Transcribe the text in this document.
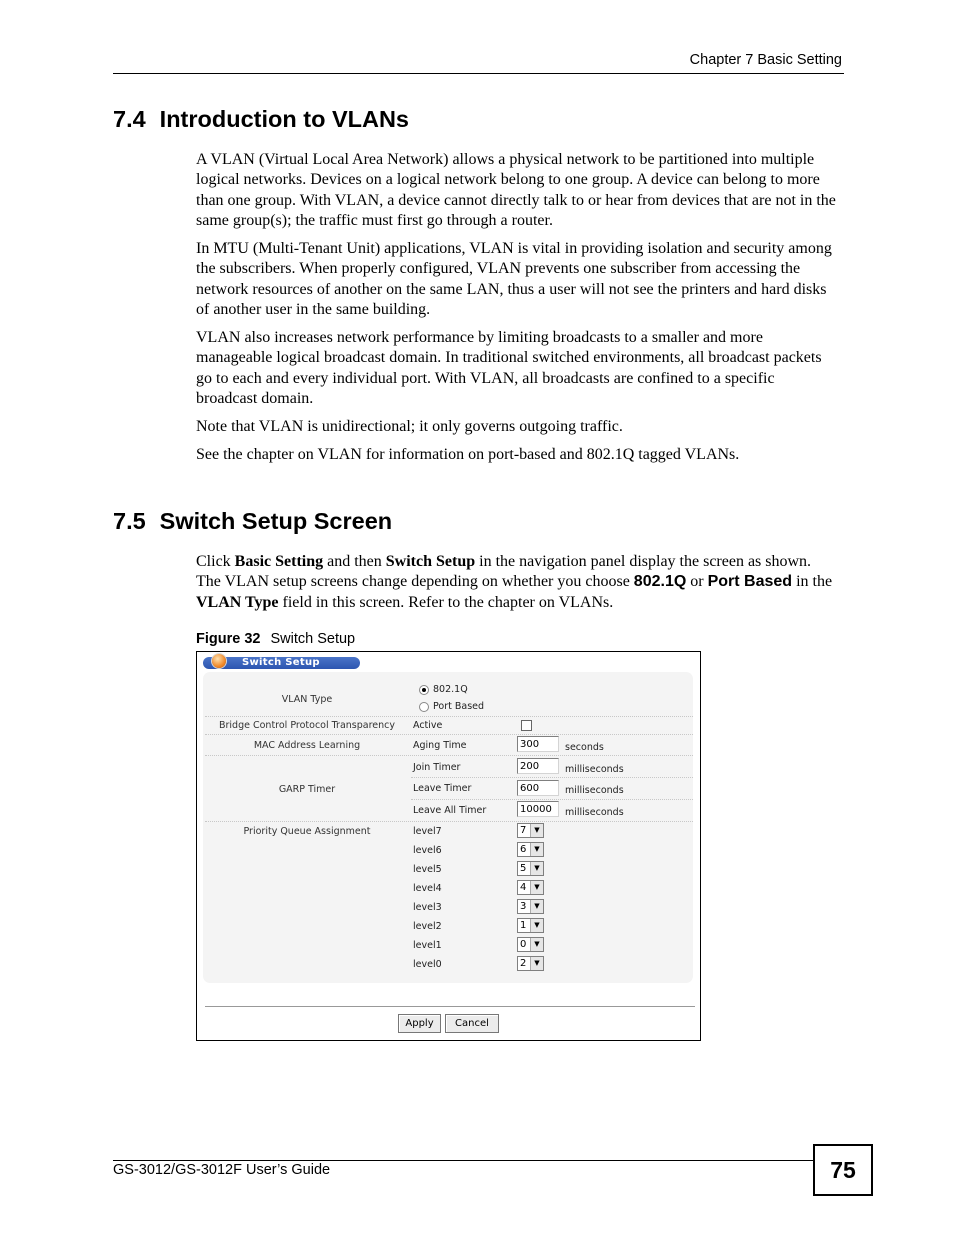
Chapter 7 Basic Setting
7.4 Introduction to VLANs

A VLAN (Virtual Local Area Network) allows a physical network to be partitioned into multiple logical networks. Devices on a logical network belong to one group. A device can belong to more than one group. With VLAN, a device cannot directly talk to or hear from devices that are not in the same group(s); the traffic must first go through a router.

In MTU (Multi-Tenant Unit) applications, VLAN is vital in providing isolation and security among the subscribers. When properly configured, VLAN prevents one subscriber from accessing the network resources of another on the same LAN, thus a user will not see the printers and hard disks of another user in the same building.

VLAN also increases network performance by limiting broadcasts to a smaller and more manageable logical broadcast domain. In traditional switched environments, all broadcast packets go to each and every individual port. With VLAN, all broadcasts are confined to a specific broadcast domain.

Note that VLAN is unidirectional; it only governs outgoing traffic.

See the chapter on VLAN for information on port-based and 802.1Q tagged VLANs.

7.5 Switch Setup Screen

Click Basic Setting and then Switch Setup in the navigation panel display the screen as shown. The VLAN setup screens change depending on whether you choose 802.1Q or Port Based in the VLAN Type field in this screen. Refer to the chapter on VLANs.

Figure 32 Switch Setup
Switch Setup
VLAN Type
802.1Q
Port Based
Bridge Control Protocol Transparency	Active
MAC Address Learning	Aging Time	300	seconds
GARP Timer
Join Timer	200	milliseconds
Leave Timer	600	milliseconds
Leave All Timer	10000	milliseconds
Priority Queue Assignment	level7	7	▼
level6	6	▼
level5	5	▼
level4	4	▼
level3	3	▼
level2	1	▼
level1	0	▼
level0	2	▼
Apply	Cancel
GS-3012/GS-3012F User’s Guide	75
